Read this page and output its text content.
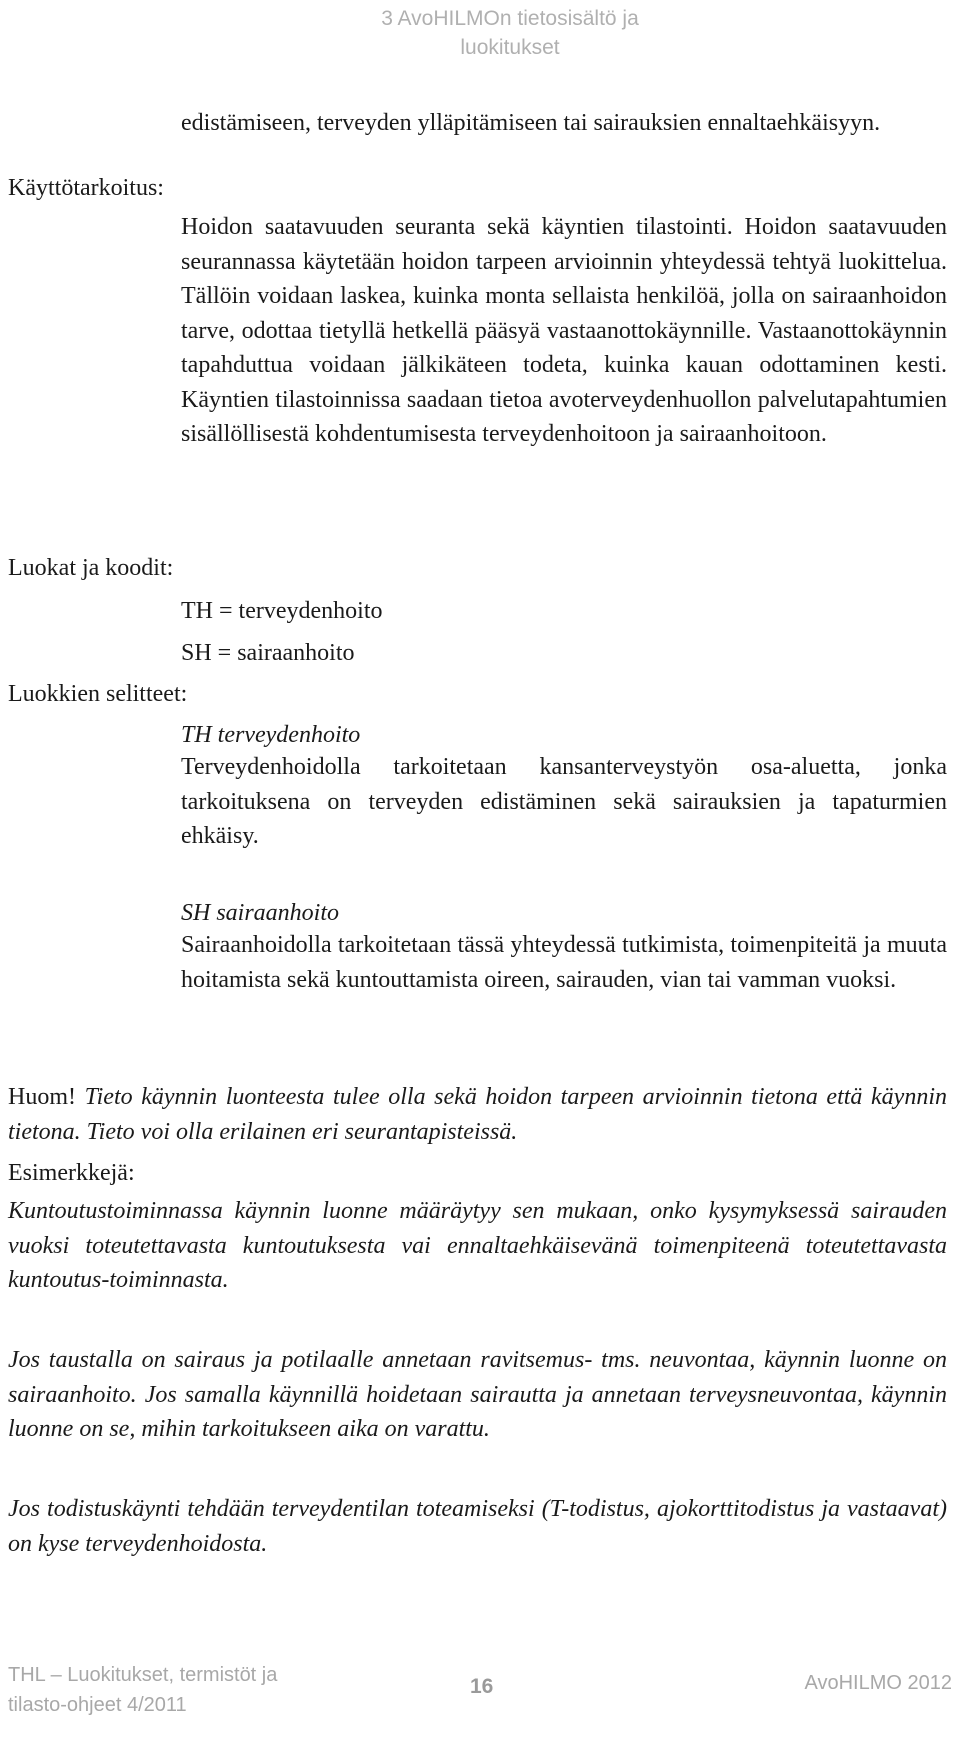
3 AvoHILMOn tietosisältö ja
luokitukset
edistämiseen, terveyden ylläpitämiseen tai sairauksien ennaltaehkäisyyn.
Käyttötarkoitus:
Hoidon saatavuuden seuranta sekä käyntien tilastointi. Hoidon saatavuuden seurannassa käytetään hoidon tarpeen arvioinnin yhteydessä tehtyä luokittelua. Tällöin voidaan laskea, kuinka monta sellaista henkilöä, jolla on sairaanhoidon tarve, odottaa tietyllä hetkellä pääsyä vastaanottokäynnille. Vastaanottokäynnin tapahduttua voidaan jälkikäteen todeta, kuinka kauan odottaminen kesti. Käyntien tilastoinnissa saadaan tietoa avoterveydenhuollon palvelutapahtumien sisällöllisestä kohdentumisesta terveydenhoitoon ja sairaanhoitoon.
Luokat ja koodit:
TH = terveydenhoito
SH = sairaanhoito
Luokkien selitteet:
TH terveydenhoito
Terveydenhoidolla tarkoitetaan kansanterveystyön osa-aluetta, jonka tarkoituksena on terveyden edistäminen sekä sairauksien ja tapaturmien ehkäisy.
SH sairaanhoito
Sairaanhoidolla tarkoitetaan tässä yhteydessä tutkimista, toimenpiteitä ja muuta hoitamista sekä kuntouttamista oireen, sairauden, vian tai vamman vuoksi.
Huom! Tieto käynnin luonteesta tulee olla sekä hoidon tarpeen arvioinnin tietona että käynnin tietona. Tieto voi olla erilainen eri seurantapisteissä.
Esimerkkejä:
Kuntoutustoiminnassa käynnin luonne määräytyy sen mukaan, onko kysymyksessä sairauden vuoksi toteutettavasta kuntoutuksesta vai ennaltaehkäisevänä toimenpiteenä toteutettavasta kuntoutus-toiminnasta.
Jos taustalla on sairaus ja potilaalle annetaan ravitsemus- tms. neuvontaa, käynnin luonne on sairaanhoito. Jos samalla käynnillä hoidetaan sairautta ja annetaan terveysneuvontaa, käynnin luonne on se, mihin tarkoitukseen aika on varattu.
Jos todistuskäynti tehdään terveydentilan toteamiseksi (T-todistus, ajokorttitodistus ja vastaavat) on kyse terveydenhoidosta.
THL – Luokitukset, termistöt ja
tilasto-ohjeet 4/2011
16	AvoHILMO 2012
